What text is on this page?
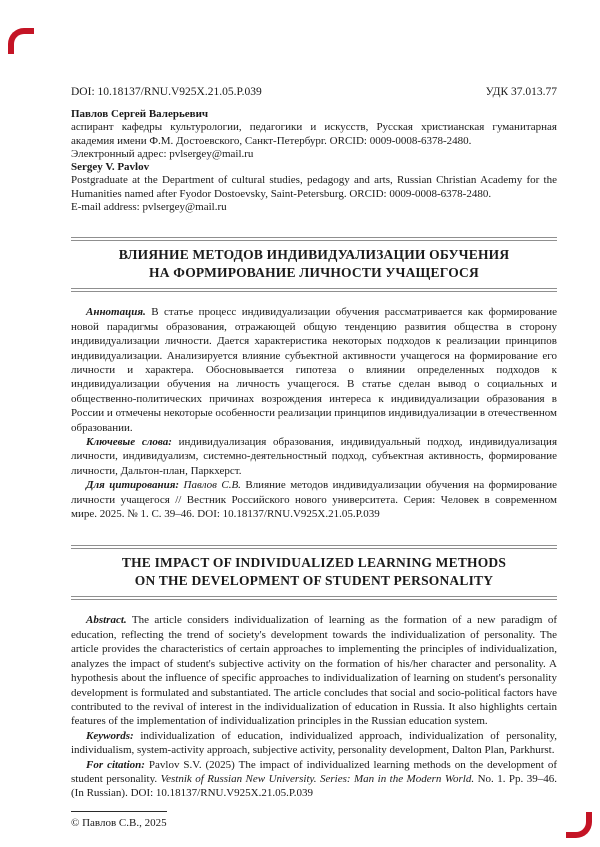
DOI: 10.18137/RNU.V925X.21.05.P.039	УДК 37.013.77

Павлов Сергей Валерьевич

аспирант кафедры культурологии, педагогики и искусств, Русская христианская гуманитарная академия имени Ф.М. Достоевского, Санкт-Петербург. ORCID: 0009-0008-6378-2480.

Электронный адрес: pvlsergey@mail.ru

Sergey V. Pavlov

Postgraduate at the Department of cultural studies, pedagogy and arts, Russian Christian Academy for the Humanities named after Fyodor Dostoevsky, Saint-Petersburg. ORCID: 0009-0008-6378-2480.

E-mail address: pvlsergey@mail.ru

ВЛИЯНИЕ МЕТОДОВ ИНДИВИДУАЛИЗАЦИИ ОБУЧЕНИЯ
НА ФОРМИРОВАНИЕ ЛИЧНОСТИ УЧАЩЕГОСЯ

Аннотация. В статье процесс индивидуализации обучения рассматривается как формирование новой парадигмы образования, отражающей общую тенденцию развития общества в сторону индивидуализации личности. Дается характеристика некоторых подходов к реализации принципов индивидуализации. Анализируется влияние субъектной активности учащегося на формирование его личности и характера. Обосновывается гипотеза о влиянии определенных подходов к индивидуализации обучения на личность учащегося. В статье сделан вывод о социальных и общественно-политических причинах возрождения интереса к индивидуализации образования в России и отмечены некоторые особенности реализации принципов индивидуализации в отечественном образовании.

Ключевые слова: индивидуализация образования, индивидуальный подход, индивидуализация личности, индивидуализм, системно-деятельностный подход, субъектная активность, формирование личности, Дальтон-план, Паркхерст.

Для цитирования: Павлов С.В. Влияние методов индивидуализации обучения на формирование личности учащегося // Вестник Российского нового университета. Серия: Человек в современном мире. 2025. № 1. С. 39–46. DOI: 10.18137/RNU.V925X.21.05.P.039

THE IMPACT OF INDIVIDUALIZED LEARNING METHODS
ON THE DEVELOPMENT OF STUDENT PERSONALITY

Abstract. The article considers individualization of learning as the formation of a new paradigm of education, reflecting the trend of society's development towards the individualization of personality. The article provides the characteristics of certain approaches to implementing the principles of individualization, analyzes the impact of student's subjective activity on the formation of his/her character and personality. A hypothesis about the influence of specific approaches to individualization of learning on student's personality development is formulated and substantiated. The article concludes that social and socio-political factors have contributed to the revival of interest in the individualization of education in Russia. It also highlights certain features of the implementation of individualization principles in the Russian education system.

Keywords: individualization of education, individualized approach, individualization of personality, individualism, system-activity approach, subjective activity, personality development, Dalton Plan, Parkhurst.

For citation: Pavlov S.V. (2025) The impact of individualized learning methods on the development of student personality. Vestnik of Russian New University. Series: Man in the Modern World. No. 1. Pp. 39–46. (In Russian). DOI: 10.18137/RNU.V925X.21.05.P.039

© Павлов С.В., 2025
